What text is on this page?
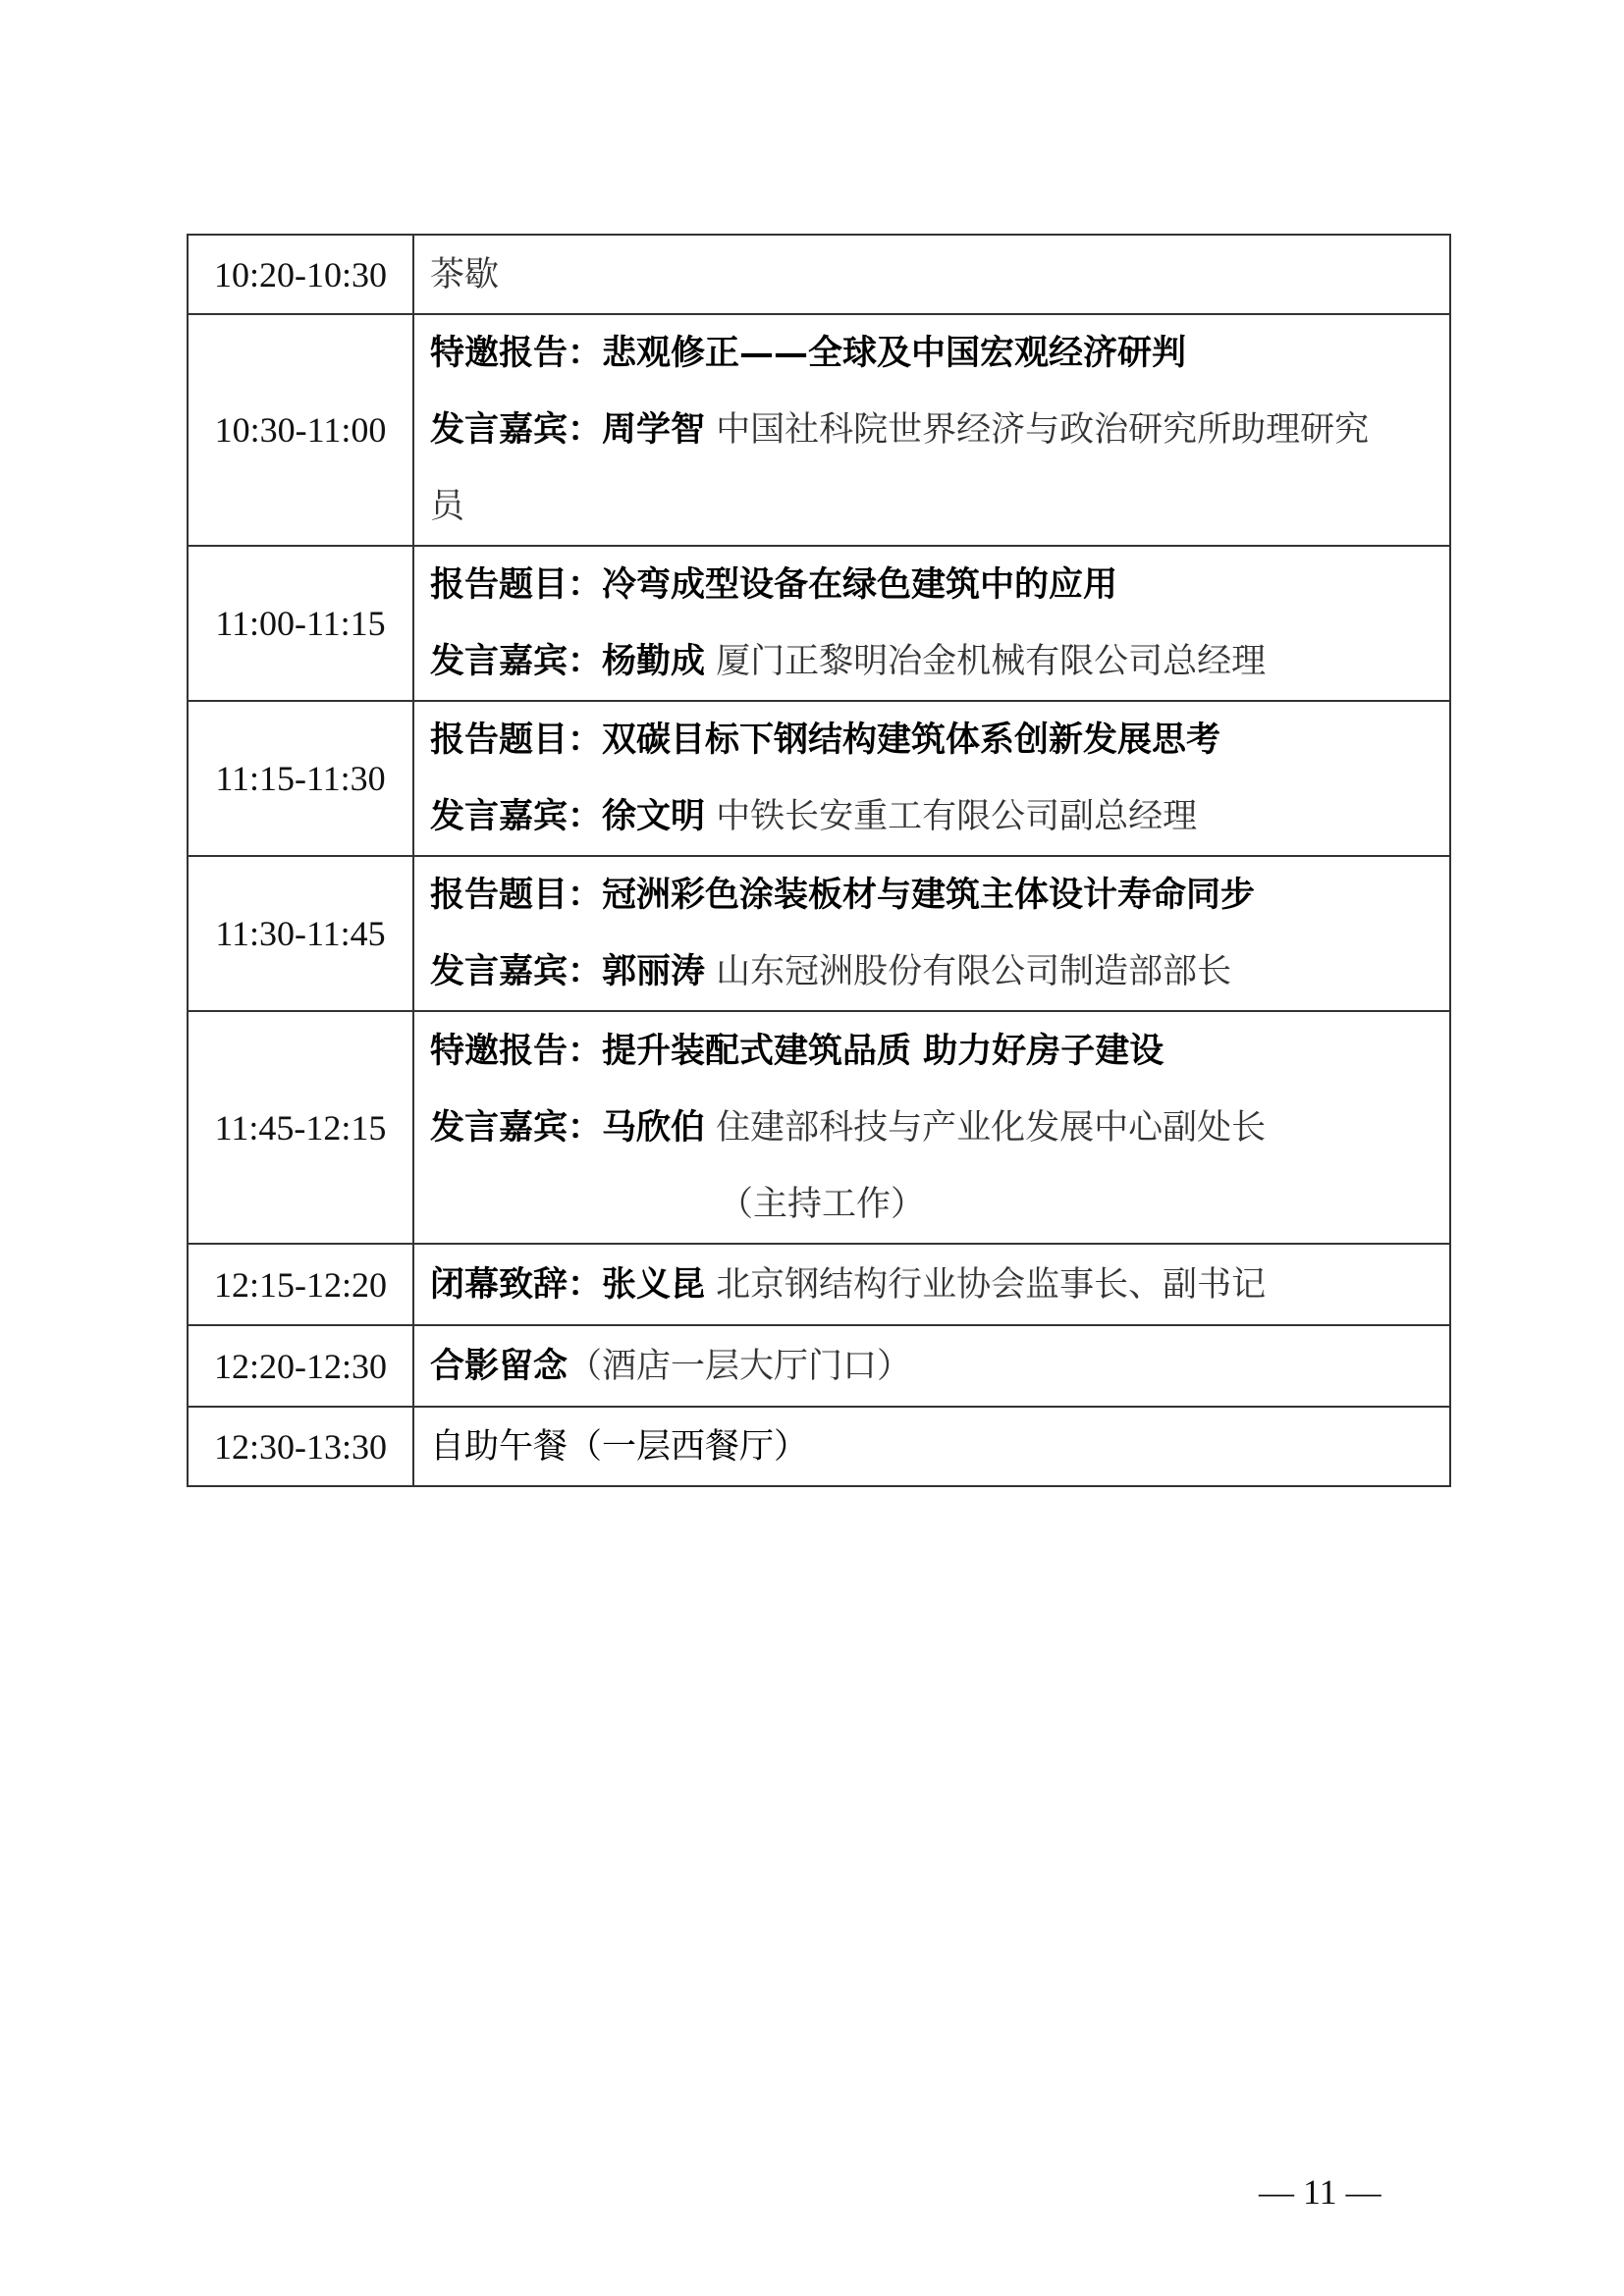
10:20-10:30	茶歇
10:30-11:00	特邀报告：悲观修正——全球及中国宏观经济研判
发言嘉宾：周学智 中国社科院世界经济与政治研究所助理研究
员

11:00-11:15	报告题目：冷弯成型设备在绿色建筑中的应用
发言嘉宾：杨勤成 厦门正黎明冶金机械有限公司总经理

11:15-11:30	报告题目：双碳目标下钢结构建筑体系创新发展思考
发言嘉宾：徐文明 中铁长安重工有限公司副总经理

11:30-11:45	报告题目：冠洲彩色涂装板材与建筑主体设计寿命同步
发言嘉宾：郭丽涛 山东冠洲股份有限公司制造部部长

11:45-12:15	特邀报告：提升装配式建筑品质 助力好房子建设
发言嘉宾：马欣伯 住建部科技与产业化发展中心副处长
（主持工作）

12:15-12:20	闭幕致辞：张义昆 北京钢结构行业协会监事长、副书记
12:20-12:30	合影留念（酒店一层大厅门口）
12:30-13:30	自助午餐（一层西餐厅）
— 11 —
